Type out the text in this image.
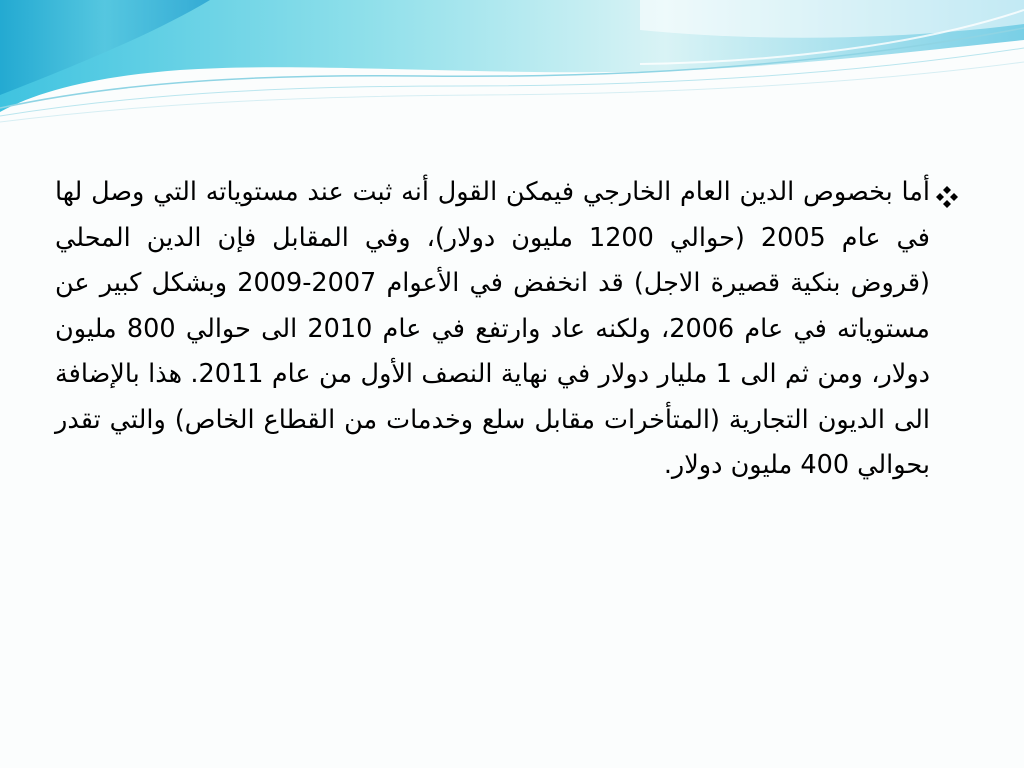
أما بخصوص الدين العام الخارجي فيمكن القول أنه ثبت عند مستوياته التي وصل لها في عام 2005 (حوالي 1200 مليون دولار)، وفي المقابل فإن الدين المحلي (قروض بنكية قصيرة الاجل) قد انخفض في الأعوام 2007-2009 وبشكل كبير عن مستوياته في عام 2006، ولكنه عاد وارتفع في عام 2010 الى حوالي 800 مليون دولار، ومن ثم الى 1 مليار دولار في نهاية النصف الأول من عام 2011. هذا بالإضافة الى الديون التجارية (المتأخرات مقابل سلع وخدمات من القطاع الخاص) والتي تقدر بحوالي 400 مليون دولار.
